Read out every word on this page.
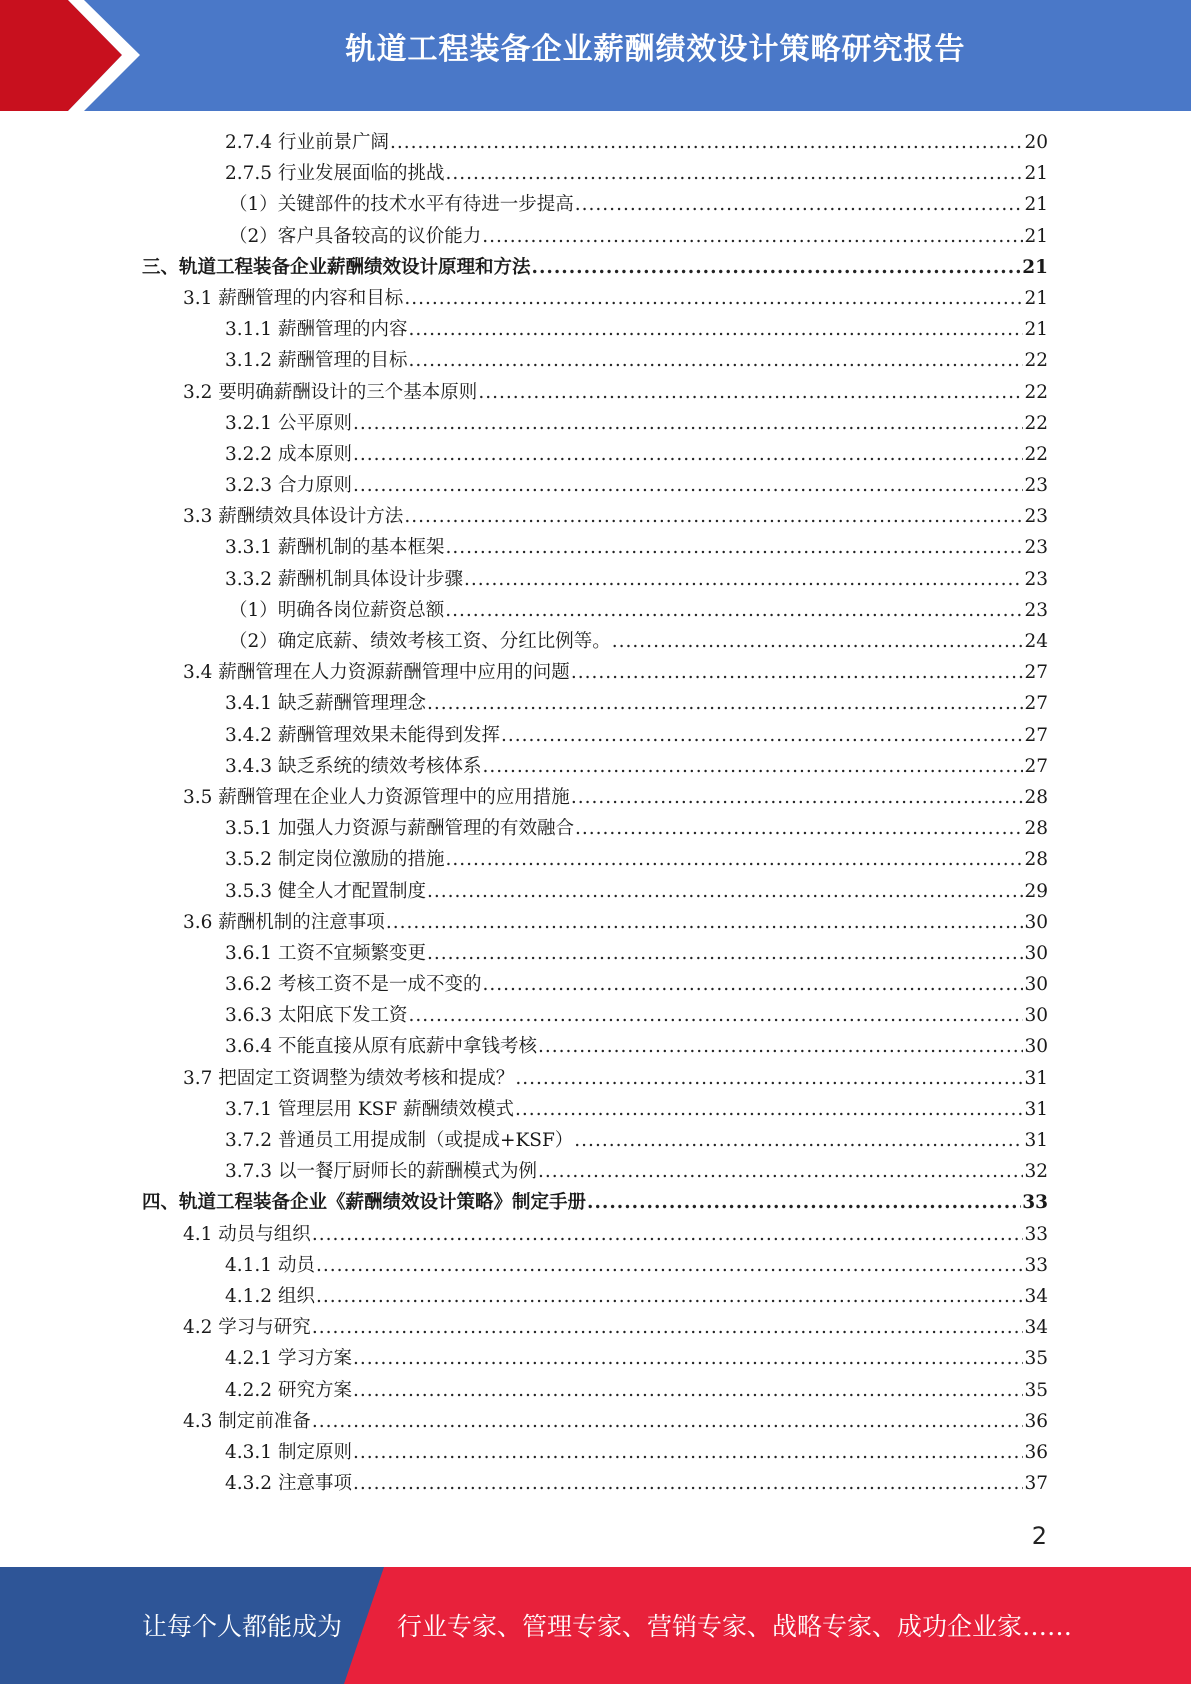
轨道工程装备企业薪酬绩效设计策略研究报告
2.7.4 行业前景广阔 .....	20
2.7.5 行业发展面临的挑战 .....	21
（1）关键部件的技术水平有待进一步提高 .....	21
（2）客户具备较高的议价能力 .....	21
三、轨道工程装备企业薪酬绩效设计原理和方法 .....	21
3.1 薪酬管理的内容和目标 .....	21
3.1.1 薪酬管理的内容 .....	21
3.1.2 薪酬管理的目标 .....	22
3.2 要明确薪酬设计的三个基本原则 .....	22
3.2.1 公平原则 .....	22
3.2.2 成本原则 .....	22
3.2.3 合力原则 .....	23
3.3 薪酬绩效具体设计方法 .....	23
3.3.1 薪酬机制的基本框架 .....	23
3.3.2 薪酬机制具体设计步骤 .....	23
（1）明确各岗位薪资总额 .....	23
（2）确定底薪、绩效考核工资、分红比例等。 .....	24
3.4 薪酬管理在人力资源薪酬管理中应用的问题 .....	27
3.4.1 缺乏薪酬管理理念 .....	27
3.4.2 薪酬管理效果未能得到发挥 .....	27
3.4.3 缺乏系统的绩效考核体系 .....	27
3.5 薪酬管理在企业人力资源管理中的应用措施 .....	28
3.5.1 加强人力资源与薪酬管理的有效融合 .....	28
3.5.2 制定岗位激励的措施 .....	28
3.5.3 健全人才配置制度 .....	29
3.6 薪酬机制的注意事项 .....	30
3.6.1 工资不宜频繁变更 .....	30
3.6.2 考核工资不是一成不变的 .....	30
3.6.3 太阳底下发工资 .....	30
3.6.4 不能直接从原有底薪中拿钱考核 .....	30
3.7 把固定工资调整为绩效考核和提成？ .....	31
3.7.1 管理层用 KSF 薪酬绩效模式 .....	31
3.7.2 普通员工用提成制（或提成+KSF） .....	31
3.7.3 以一餐厅厨师长的薪酬模式为例 .....	32
四、轨道工程装备企业《薪酬绩效设计策略》制定手册 .....	33
4.1 动员与组织 .....	33
4.1.1 动员 .....	33
4.1.2 组织 .....	34
4.2 学习与研究 .....	34
4.2.1 学习方案 .....	35
4.2.2 研究方案 .....	35
4.3 制定前准备 .....	36
4.3.1 制定原则 .....	36
4.3.2 注意事项 .....	37
2
让每个人都能成为 行业专家、管理专家、营销专家、战略专家、成功企业家……
